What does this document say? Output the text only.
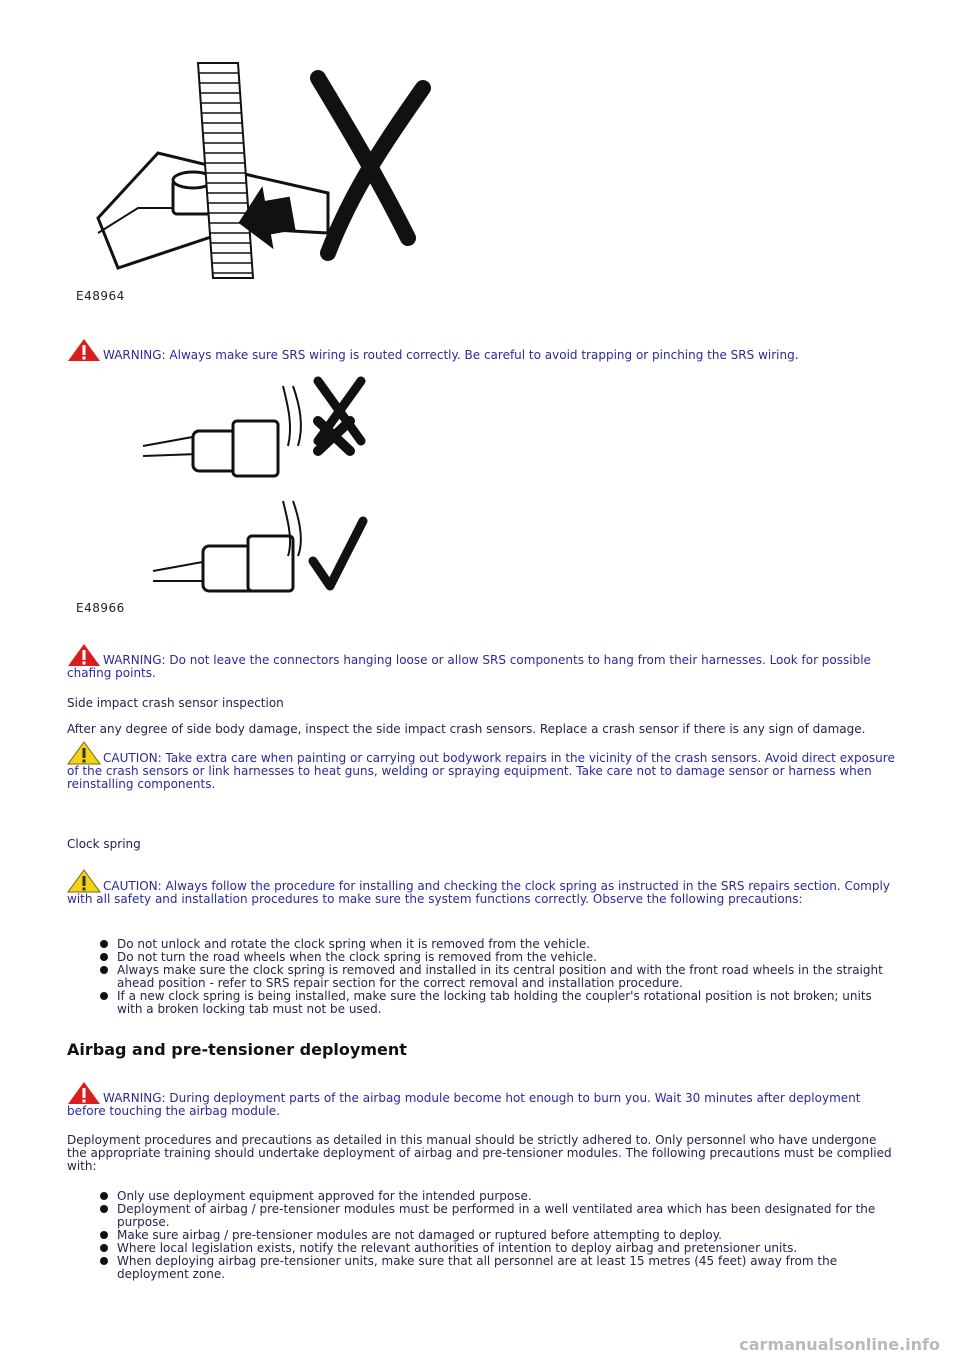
E48964
WARNING: Always make sure SRS wiring is routed correctly. Be careful to avoid trapping or pinching the SRS wiring.
E48966
WARNING: Do not leave the connectors hanging loose or allow SRS components to hang from their harnesses. Look for possible chafing points.
Side impact crash sensor inspection
After any degree of side body damage, inspect the side impact crash sensors. Replace a crash sensor if there is any sign of damage.
CAUTION: Take extra care when painting or carrying out bodywork repairs in the vicinity of the crash sensors. Avoid direct exposure of the crash sensors or link harnesses to heat guns, welding or spraying equipment. Take care not to damage sensor or harness when reinstalling components.
Clock spring
CAUTION: Always follow the procedure for installing and checking the clock spring as instructed in the SRS repairs section. Comply with all safety and installation procedures to make sure the system functions correctly. Observe the following precautions:
Do not unlock and rotate the clock spring when it is removed from the vehicle.
Do not turn the road wheels when the clock spring is removed from the vehicle.
Always make sure the clock spring is removed and installed in its central position and with the front road wheels in the straight ahead position - refer to SRS repair section for the correct removal and installation procedure.
If a new clock spring is being installed, make sure the locking tab holding the coupler's rotational position is not broken; units with a broken locking tab must not be used.
Airbag and pre-tensioner deployment
WARNING: During deployment parts of the airbag module become hot enough to burn you. Wait 30 minutes after deployment before touching the airbag module.
Deployment procedures and precautions as detailed in this manual should be strictly adhered to. Only personnel who have undergone the appropriate training should undertake deployment of airbag and pre-tensioner modules. The following precautions must be complied with:
Only use deployment equipment approved for the intended purpose.
Deployment of airbag / pre-tensioner modules must be performed in a well ventilated area which has been designated for the purpose.
Make sure airbag / pre-tensioner modules are not damaged or ruptured before attempting to deploy.
Where local legislation exists, notify the relevant authorities of intention to deploy airbag and pretensioner units.
When deploying airbag pre-tensioner units, make sure that all personnel are at least 15 metres (45 feet) away from the deployment zone.
carmanualsonline.info
